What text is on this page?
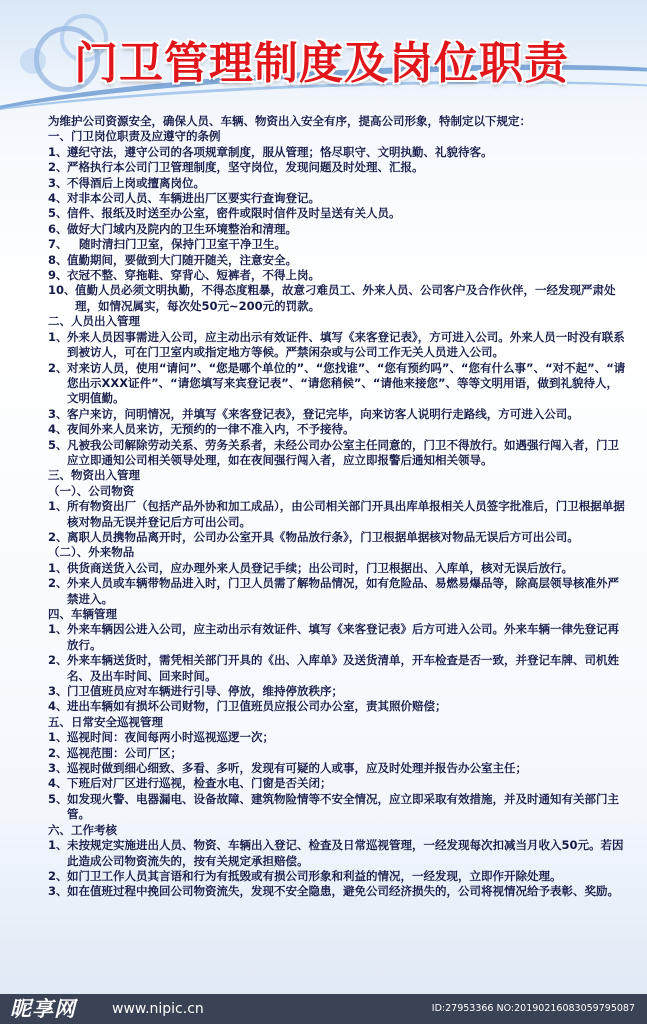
门卫管理制度及岗位职责

为维护公司资源安全，确保人员、车辆、物资出入安全有序，提高公司形象，特制定以下规定：

一、门卫岗位职责及应遵守的条例

1、遵纪守法，遵守公司的各项规章制度，服从管理；恪尽职守、文明执勤、礼貌待客。

2、严格执行本公司门卫管理制度，坚守岗位，发现问题及时处理、汇报。

3、不得酒后上岗或擅离岗位。

4、对非本公司人员、车辆进出厂区要实行查询登记。

5、信件、报纸及时送至办公室，密件或限时信件及时呈送有关人员。

6、做好大门域内及院内的卫生环境整治和清理。

7、   随时清扫门卫室，保持门卫室干净卫生。

8、值勤期间，要做到大门随开随关，注意安全。

9、衣冠不整、穿拖鞋、穿背心、短裤者，不得上岗。

10、值勤人员必须文明执勤，不得态度粗暴，故意刁难员工、外来人员、公司客户及合作伙伴，一经发现严肃处理，如情况属实，每次处50元~200元的罚款。

二、人员出入管理

1、外来人员因事需进入公司，应主动出示有效证件、填写《来客登记表》，方可进入公司。外来人员一时没有联系到被访人，可在门卫室内或指定地方等候。严禁闲杂或与公司工作无关人员进入公司。

2、对来访人员，使用“请问”、“您是哪个单位的”、“您找谁”、“您有预约吗”、“您有什么事”、“对不起”、“请您出示XXX证件”、“请您填写来宾登记表”、“请您稍候”、“请他来接您”、等等文明用语，做到礼貌待人，文明值勤。

3、客户来访，问明情况，并填写《来客登记表》，登记完毕，向来访客人说明行走路线，方可进入公司。

4、夜间外来人员来访，无预约的一律不准入内，不予接待。

5、凡被我公司解除劳动关系、劳务关系者，未经公司办公室主任同意的，门卫不得放行。如遇强行闯入者，门卫应立即通知公司相关领导处理，如在夜间强行闯入者，应立即报警后通知相关领导。

三、物资出入管理

（一）、公司物资

1、所有物资出厂（包括产品外协和加工成品），由公司相关部门开具出库单报相关人员签字批准后，门卫根据单据核对物品无误并登记后方可出公司。

2、离职人员携物品离开时，公司办公室开具《物品放行条》，门卫根据单据核对物品无误后方可出公司。

（二）、外来物品

1、供货商送货入公司，应办理外来人员登记手续；出公司时，门卫根据出、入库单，核对无误后放行。

2、外来人员或车辆带物品进入时，门卫人员需了解物品情况，如有危险品、易燃易爆品等，除高层领导核准外严禁进入。

四、车辆管理

1、外来车辆因公进入公司，应主动出示有效证件、填写《来客登记表》后方可进入公司。外来车辆一律先登记再放行。

2、外来车辆送货时，需凭相关部门开具的《出、入库单》及送货清单，开车检查是否一致，并登记车牌、司机姓名、及出车时间、回来时间。

3、门卫值班员应对车辆进行引导、停放，维持停放秩序；

4、进出车辆如有损坏公司财物，门卫值班员应报公司办公室，责其照价赔偿；

五、日常安全巡视管理

1、巡视时间：夜间每两小时巡视巡逻一次；

2、巡视范围：公司厂区；

3、巡视时做到细心细致、多看、多听，发现有可疑的人或事，应及时处理并报告办公室主任；

4、下班后对厂区进行巡视，检查水电、门窗是否关闭；

5、如发现火警、电器漏电、设备故障、建筑物险情等不安全情况，应立即采取有效措施，并及时通知有关部门主管。

六、工作考核

1、未按规定实施进出人员、物资、车辆出入登记、检查及日常巡视管理，一经发现每次扣减当月收入50元。若因此造成公司物资流失的，按有关规定承担赔偿。

2、如门卫工作人员其言语和行为有抵毁或有损公司形象和利益的情况，一经发现，立即作开除处理。

3、如在值班过程中挽回公司物资流失，发现不安全隐患，避免公司经济损失的，公司将视情况给予表彰、奖励。

昵享网	www.nipic.cn	ID:27953366 NO:20190216083059795087
